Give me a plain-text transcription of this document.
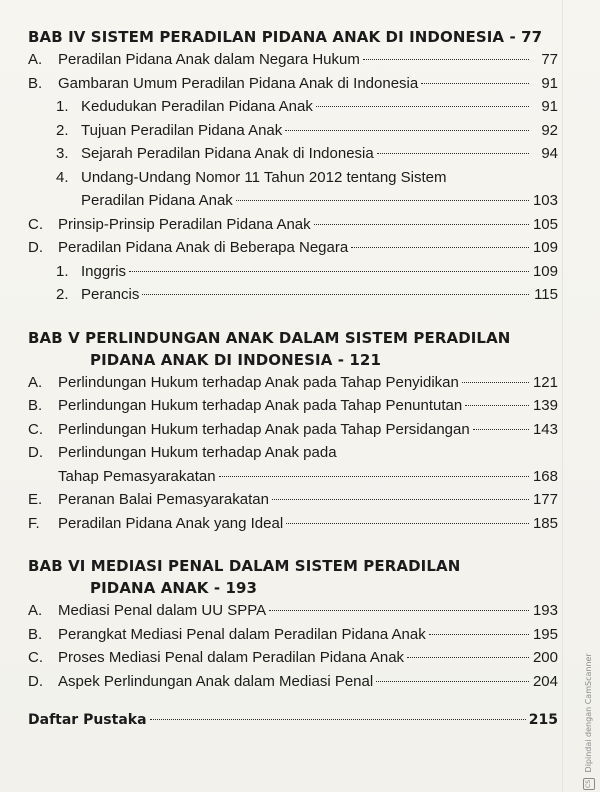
BAB IV SISTEM PERADILAN PIDANA ANAK DI INDONESIA - 77
A. Peradilan Pidana Anak dalam Negara Hukum	77
B. Gambaran Umum Peradilan Pidana Anak di Indonesia	91
1. Kedudukan Peradilan Pidana Anak	91
2. Tujuan Peradilan Pidana Anak	92
3. Sejarah Peradilan Pidana Anak di Indonesia	94
4. Undang-Undang Nomor 11 Tahun 2012 tentang Sistem
Peradilan Pidana Anak	103
C. Prinsip-Prinsip Peradilan Pidana Anak	105
D. Peradilan Pidana Anak di Beberapa Negara	109
1. Inggris	109
2. Perancis	115
BAB V PERLINDUNGAN ANAK DALAM SISTEM PERADILAN
PIDANA ANAK DI INDONESIA - 121
A. Perlindungan Hukum terhadap Anak pada Tahap Penyidikan	121
B. Perlindungan Hukum terhadap Anak pada Tahap Penuntutan	139
C. Perlindungan Hukum terhadap Anak pada Tahap Persidangan	143
D. Perlindungan Hukum terhadap Anak pada
Tahap Pemasyarakatan	168
E. Peranan Balai Pemasyarakatan	177
F. Peradilan Pidana Anak yang Ideal	185
BAB VI MEDIASI PENAL DALAM SISTEM PERADILAN
PIDANA ANAK - 193
A. Mediasi Penal dalam UU SPPA	193
B. Perangkat Mediasi Penal dalam Peradilan Pidana Anak	195
C. Proses Mediasi Penal dalam Peradilan Pidana Anak	200
D. Aspek Perlindungan Anak dalam Mediasi Penal	204
Daftar Pustaka	215
CS Dipindai dengan CamScanner
